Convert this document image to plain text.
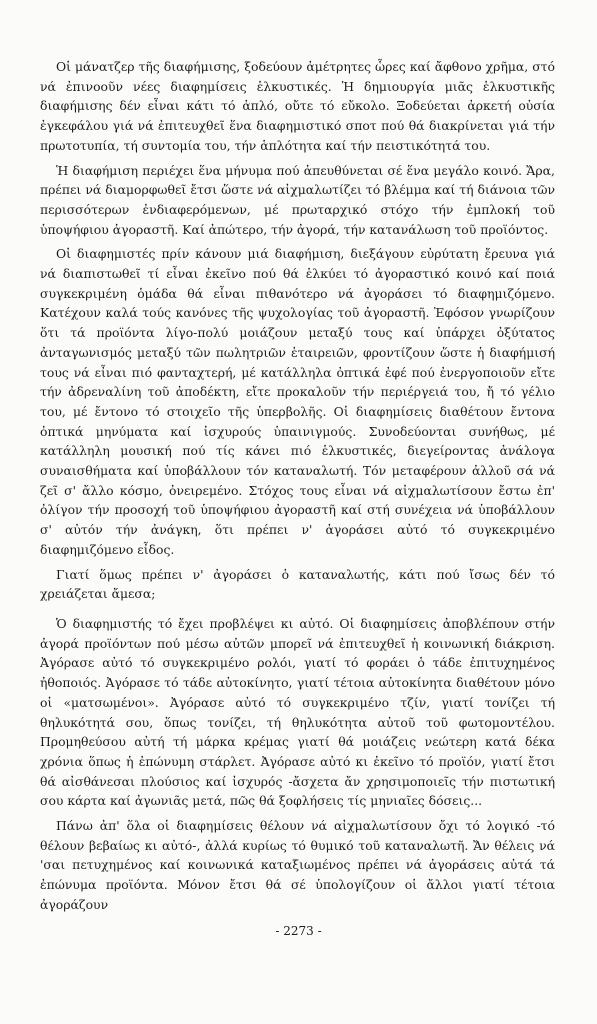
Οἱ μάνατζερ τῆς διαφήμισης, ξοδεύουν ἀμέτρητες ὧρες καί ἄφθονο χρῆμα, στό νά ἐπινοοῦν νέες διαφημίσεις ἑλκυστικές. Ἡ δημιουργία μιᾶς ἑλκυστικῆς διαφήμισης δέν εἶναι κάτι τό ἁπλό, οὔτε τό εὔκολο. Ξοδεύεται ἀρκετή οὐσία ἐγκεφάλου γιά νά ἐπιτευχθεῖ ἕνα διαφημιστικό σποτ πού θά διακρίνεται γιά τήν πρωτοτυπία, τή συντομία του, τήν ἁπλότητα καί τήν πειστικότητά του.

Ἡ διαφήμιση περιέχει ἕνα μήνυμα πού ἀπευθύνεται σέ ἕνα μεγάλο κοινό. Ἄρα, πρέπει νά διαμορφωθεῖ ἔτσι ὥστε νά αἰχμαλωτίζει τό βλέμμα καί τή διάνοια τῶν περισσότερων ἐνδιαφερόμενων, μέ πρωταρχικό στόχο τήν ἐμπλοκή τοῦ ὑποψήφιου ἀγοραστῆ. Καί ἀπώτερο, τήν ἀγορά, τήν κατανάλωση τοῦ προϊόντος.

Οἱ διαφημιστές πρίν κάνουν μιά διαφήμιση, διεξάγουν εὐρύτατη ἔρευνα γιά νά διαπιστωθεῖ τί εἶναι ἐκεῖνο πού θά ἑλκύει τό ἀγοραστικό κοινό καί ποιά συγκεκριμένη ὁμάδα θά εἶναι πιθανότερο νά ἀγοράσει τό διαφημιζόμενο. Κατέχουν καλά τούς κανόνες τῆς ψυχολογίας τοῦ ἀγοραστῆ. Ἐφόσον γνωρίζουν ὅτι τά προϊόντα λίγο-πολύ μοιάζουν μεταξύ τους καί ὑπάρχει ὀξύτατος ἀνταγωνισμός μεταξύ τῶν πωλητριῶν ἑταιρειῶν, φροντίζουν ὥστε ἡ διαφήμισή τους νά εἶναι πιό φανταχτερή, μέ κατάλληλα ὀπτικά ἐφέ πού ἐνεργοποιοῦν εἴτε τήν ἀδρεναλίνη τοῦ ἀποδέκτη, εἴτε προκαλοῦν τήν περιέργειά του, ἤ τό γέλιο του, μέ ἔντονο τό στοιχεῖο τῆς ὑπερβολῆς. Οἱ διαφημίσεις διαθέτουν ἔντονα ὀπτικά μηνύματα καί ἰσχυρούς ὑπαινιγμούς. Συνοδεύονται συνήθως, μέ κατάλληλη μουσική πού τίς κάνει πιό ἑλκυστικές, διεγείροντας ἀνάλογα συναισθήματα καί ὑποβάλλουν τόν καταναλωτή. Τόν μεταφέρουν ἀλλοῦ σά νά ζεῖ σ' ἄλλο κόσμο, ὀνειρεμένο. Στόχος τους εἶναι νά αἰχμαλωτίσουν ἔστω ἐπ' ὀλίγον τήν προσοχή τοῦ ὑποψήφιου ἀγοραστῆ καί στή συνέχεια νά ὑποβάλλουν σ' αὐτόν τήν ἀνάγκη, ὅτι πρέπει ν' ἀγοράσει αὐτό τό συγκεκριμένο διαφημιζόμενο εἶδος.

Γιατί ὅμως πρέπει ν' ἀγοράσει ὁ καταναλωτής, κάτι πού ἴσως δέν τό χρειάζεται ἄμεσα;

Ὁ διαφημιστής τό ἔχει προβλέψει κι αὐτό. Οἱ διαφημίσεις ἀποβλέπουν στήν ἀγορά προϊόντων πού μέσω αὐτῶν μπορεῖ νά ἐπιτευχθεῖ ἡ κοινωνική διάκριση. Ἀγόρασε αὐτό τό συγκεκριμένο ρολόι, γιατί τό φοράει ὁ τάδε ἐπιτυχημένος ἠθοποιός. Ἀγόρασε τό τάδε αὐτοκίνητο, γιατί τέτοια αὐτοκίνητα διαθέτουν μόνο οἱ «ματσωμένοι». Ἀγόρασε αὐτό τό συγκεκριμένο τζίν, γιατί τονίζει τή θηλυκότητά σου, ὅπως τονίζει, τή θηλυκότητα αὐτοῦ τοῦ φωτομοντέλου. Προμηθεύσου αὐτή τή μάρκα κρέμας γιατί θά μοιάζεις νεώτερη κατά δέκα χρόνια ὅπως ἡ ἐπώνυμη στάρλετ. Ἀγόρασε αὐτό κι ἐκεῖνο τό προϊόν, γιατί ἔτσι θά αἰσθάνεσαι πλούσιος καί ἰσχυρός -ἄσχετα ἄν χρησιμοποιεῖς τήν πιστωτική σου κάρτα καί ἀγωνιᾶς μετά, πῶς θά ξοφλήσεις τίς μηνιαῖες δόσεις...

Πάνω ἀπ' ὅλα οἱ διαφημίσεις θέλουν νά αἰχμαλωτίσουν ὄχι τό λογικό -τό θέλουν βεβαίως κι αὐτό-, ἀλλά κυρίως τό θυμικό τοῦ καταναλωτῆ. Ἄν θέλεις νά 'σαι πετυχημένος καί κοινωνικά καταξιωμένος πρέπει νά ἀγοράσεις αὐτά τά ἐπώνυμα προϊόντα. Μόνον ἔτσι θά σέ ὑπολογίζουν οἱ ἄλλοι γιατί τέτοια ἀγοράζουν

- 2273 -
